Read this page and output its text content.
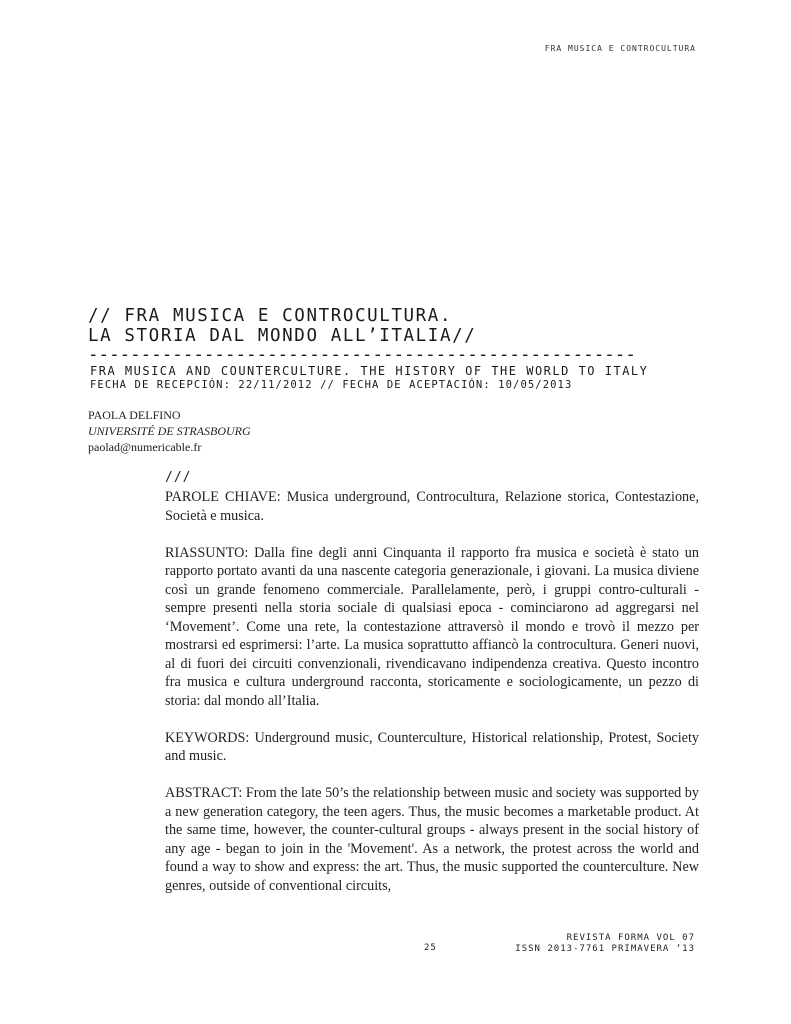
FRA MUSICA E CONTROCULTURA
// FRA MUSICA E CONTROCULTURA.
LA STORIA DAL MONDO ALL’ITALIA//
----------------------------------------------------
FRA MUSICA AND COUNTERCULTURE. THE HISTORY OF THE WORLD TO ITALY
FECHA DE RECEPCIÓN: 22/11/2012 // FECHA DE ACEPTACIÓN: 10/05/2013
PAOLA DELFINO
UNIVERSITÉ DE STRASBOURG
paolad@numericable.fr
///

PAROLE CHIAVE: Musica underground, Controcultura, Relazione storica, Contestazione, Società e musica.

RIASSUNTO: Dalla fine degli anni Cinquanta il rapporto fra musica e società è stato un rapporto portato avanti da una nascente categoria generazionale, i giovani. La musica diviene così un grande fenomeno commerciale. Parallelamente, però, i gruppi contro-culturali - sempre presenti nella storia sociale di qualsiasi epoca - cominciarono ad aggregarsi nel ‘Movement’. Come una rete, la contestazione attraversò il mondo e trovò il mezzo per mostrarsi ed esprimersi: l’arte. La musica soprattutto affiancò la controcultura. Generi nuovi, al di fuori dei circuiti convenzionali, rivendicavano indipendenza creativa. Questo incontro fra musica e cultura underground racconta, storicamente e sociologicamente, un pezzo di storia: dal mondo all’Italia.

KEYWORDS: Underground music, Counterculture, Historical relationship, Protest, Society and music.

ABSTRACT: From the late 50’s the relationship between music and society was supported by a new generation category, the teen agers. Thus, the music becomes a marketable product. At the same time, however, the counter-cultural groups - always present in the social history of any age - began to join in the 'Movement'. As a network, the protest across the world and found a way to show and express: the art. Thus, the music supported the counterculture. New genres, outside of conventional circuits,

25
REVISTA FORMA VOL 07
ISSN 2013-7761 PRIMAVERA ‘13
